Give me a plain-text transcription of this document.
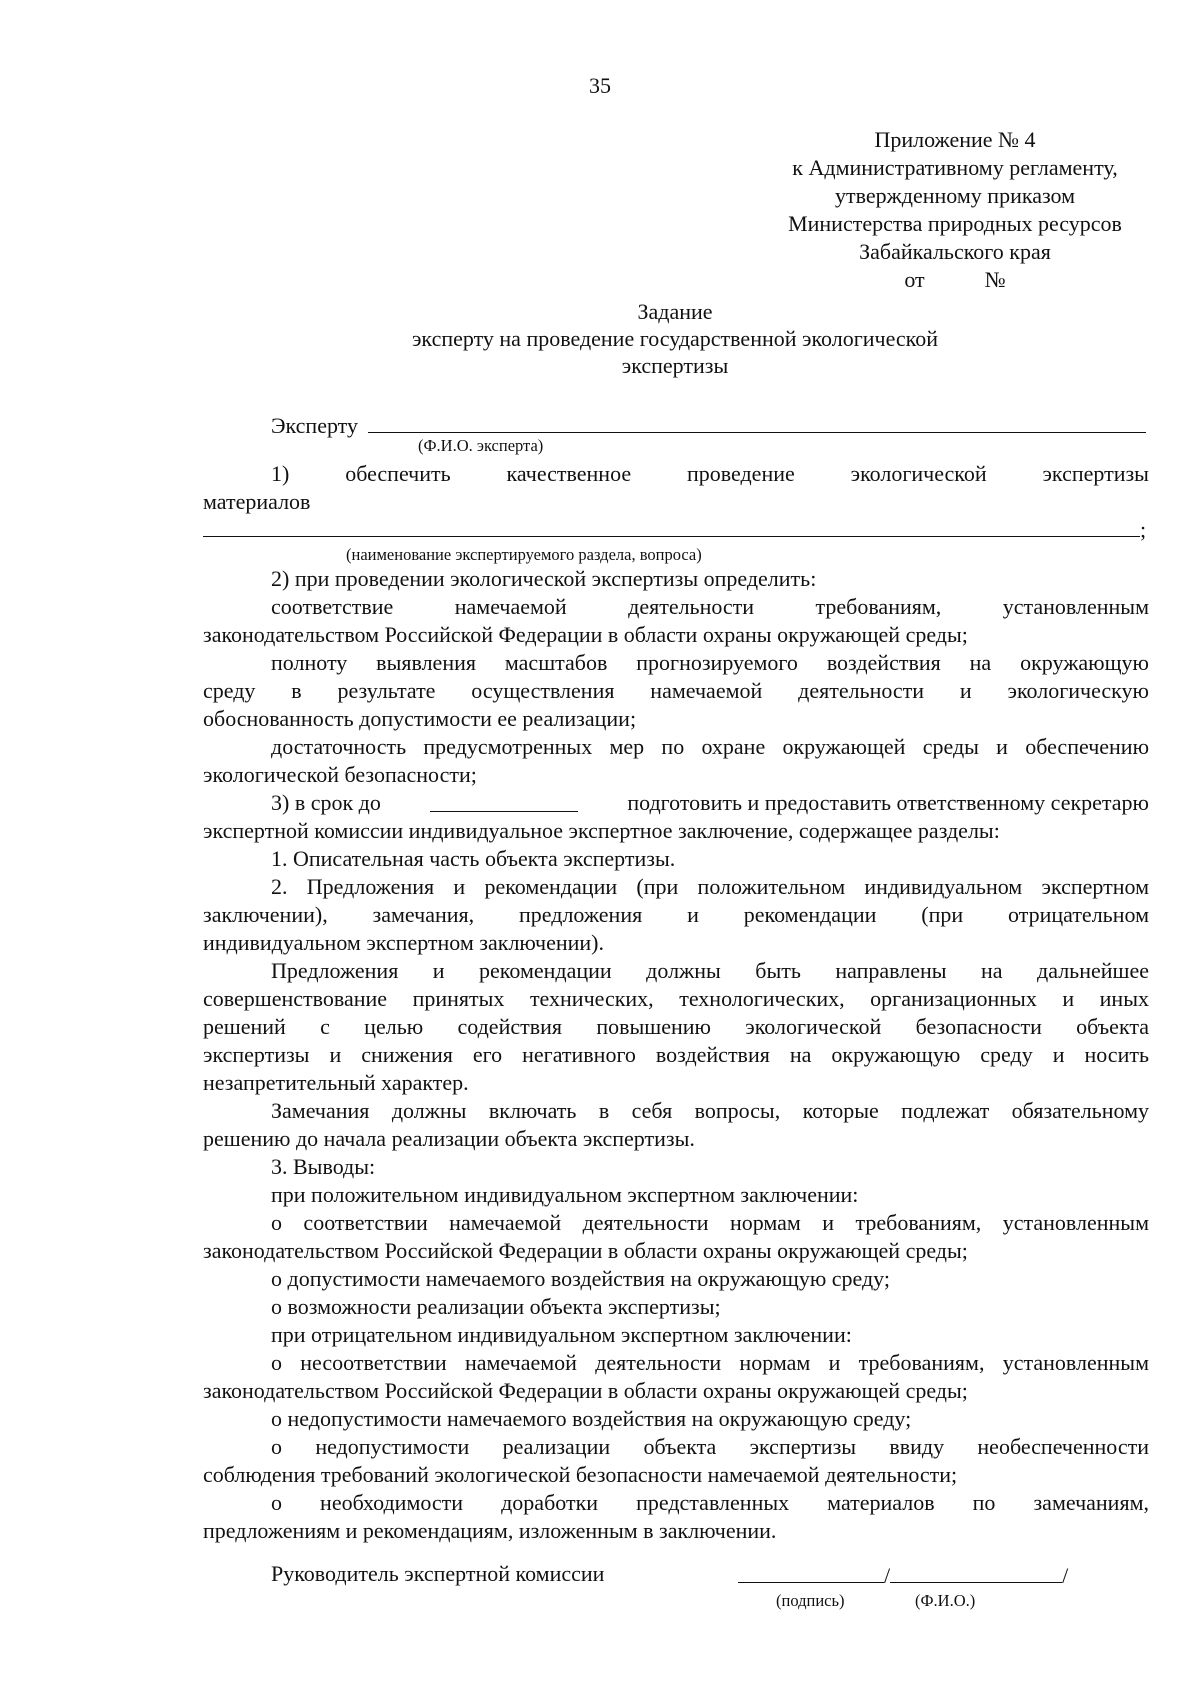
35
Приложение № 4
к Административному регламенту,
утвержденному приказом
Министерства природных ресурсов
Забайкальского края
от	№
Задание
эксперту на проведение государственной экологической
экспертизы
Эксперту
(Ф.И.О. эксперта)
1)	обеспечить	качественное	проведение	экологической	экспертизы
материалов
;
(наименование экспертируемого раздела, вопроса)
2) при проведении экологической экспертизы определить:
соответствие намечаемой деятельности требованиям, установленным
законодательством Российской Федерации в области охраны окружающей среды;
полноту выявления масштабов прогнозируемого воздействия на окружающую
среду в результате осуществления намечаемой деятельности и экологическую
обоснованность допустимости ее реализации;
достаточность предусмотренных мер по охране окружающей среды и обеспечению
экологической безопасности;
3) в срок до	подготовить и предоставить ответственному секретарю
экспертной комиссии индивидуальное экспертное заключение, содержащее разделы:
1. Описательная часть объекта экспертизы.
2. Предложения и рекомендации (при положительном индивидуальном экспертном
заключении), замечания, предложения и рекомендации (при отрицательном
индивидуальном экспертном заключении).
Предложения и рекомендации должны быть направлены на дальнейшее
совершенствование принятых технических, технологических, организационных и иных
решений с целью содействия повышению экологической безопасности объекта
экспертизы и снижения его негативного воздействия на окружающую среду и носить
незапретительный характер.
Замечания должны включать в себя вопросы, которые подлежат обязательному
решению до начала реализации объекта экспертизы.
3. Выводы:
при положительном индивидуальном экспертном заключении:
о соответствии намечаемой деятельности нормам и требованиям, установленным
законодательством Российской Федерации в области охраны окружающей среды;
о допустимости намечаемого воздействия на окружающую среду;
о возможности реализации объекта экспертизы;
при отрицательном индивидуальном экспертном заключении:
о несоответствии намечаемой деятельности нормам и требованиям, установленным
законодательством Российской Федерации в области охраны окружающей среды;
о недопустимости намечаемого воздействия на окружающую среду;
о недопустимости реализации объекта экспертизы ввиду необеспеченности
соблюдения требований экологической безопасности намечаемой деятельности;
о необходимости доработки представленных материалов по замечаниям,
предложениям и рекомендациям, изложенным в заключении.
Руководитель экспертной комиссии	/	/
(подпись)	(Ф.И.О.)
